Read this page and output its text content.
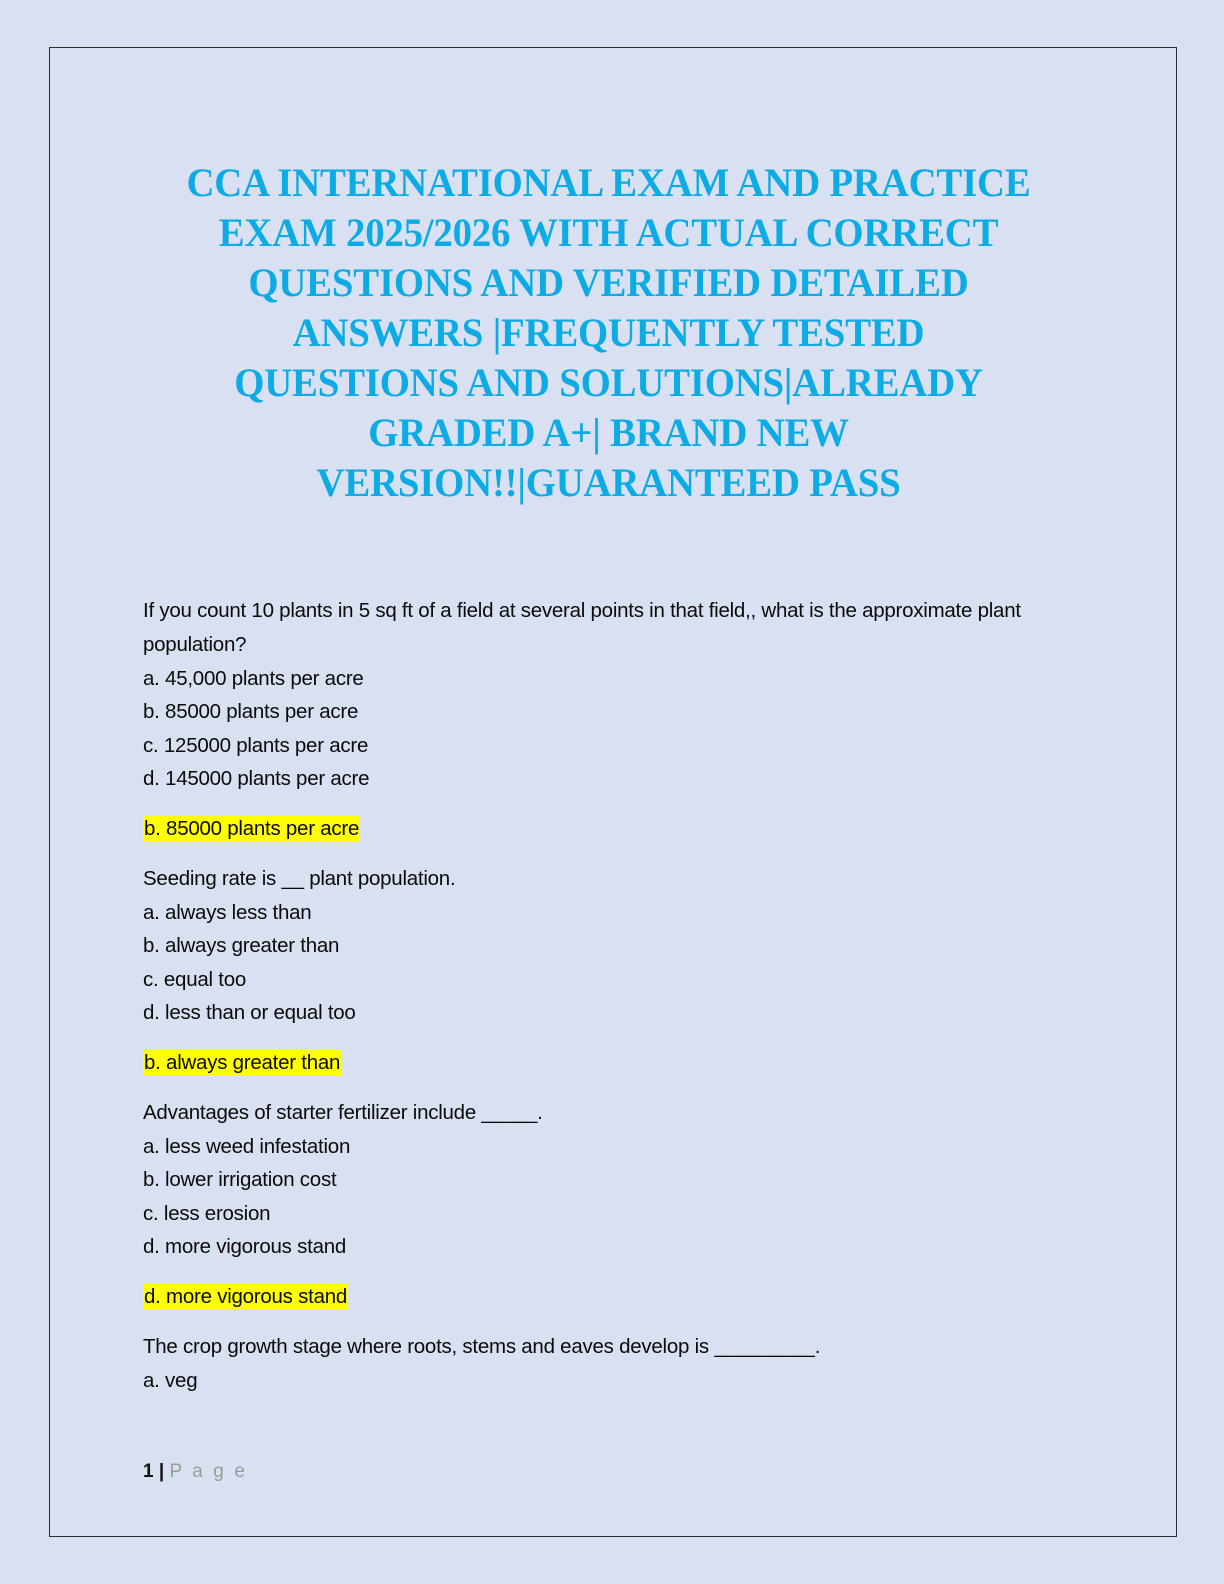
CCA INTERNATIONAL EXAM AND PRACTICE
EXAM 2025/2026 WITH ACTUAL CORRECT
QUESTIONS AND VERIFIED DETAILED
ANSWERS |FREQUENTLY TESTED
QUESTIONS AND SOLUTIONS|ALREADY
GRADED A+| BRAND NEW
VERSION!!|GUARANTEED PASS
If you count 10 plants in 5 sq ft of a field at several points in that field,, what is the approximate plant population?
a. 45,000 plants per acre
b. 85000 plants per acre
c. 125000 plants per acre
d. 145000 plants per acre
b. 85000 plants per acre
Seeding rate is __ plant population.
a. always less than
b. always greater than
c. equal too
d. less than or equal too
b. always greater than
Advantages of starter fertilizer include _____.
a. less weed infestation
b. lower irrigation cost
c. less erosion
d. more vigorous stand
d. more vigorous stand
The crop growth stage where roots, stems and eaves develop is _________.
a. veg
1 | P a g e
